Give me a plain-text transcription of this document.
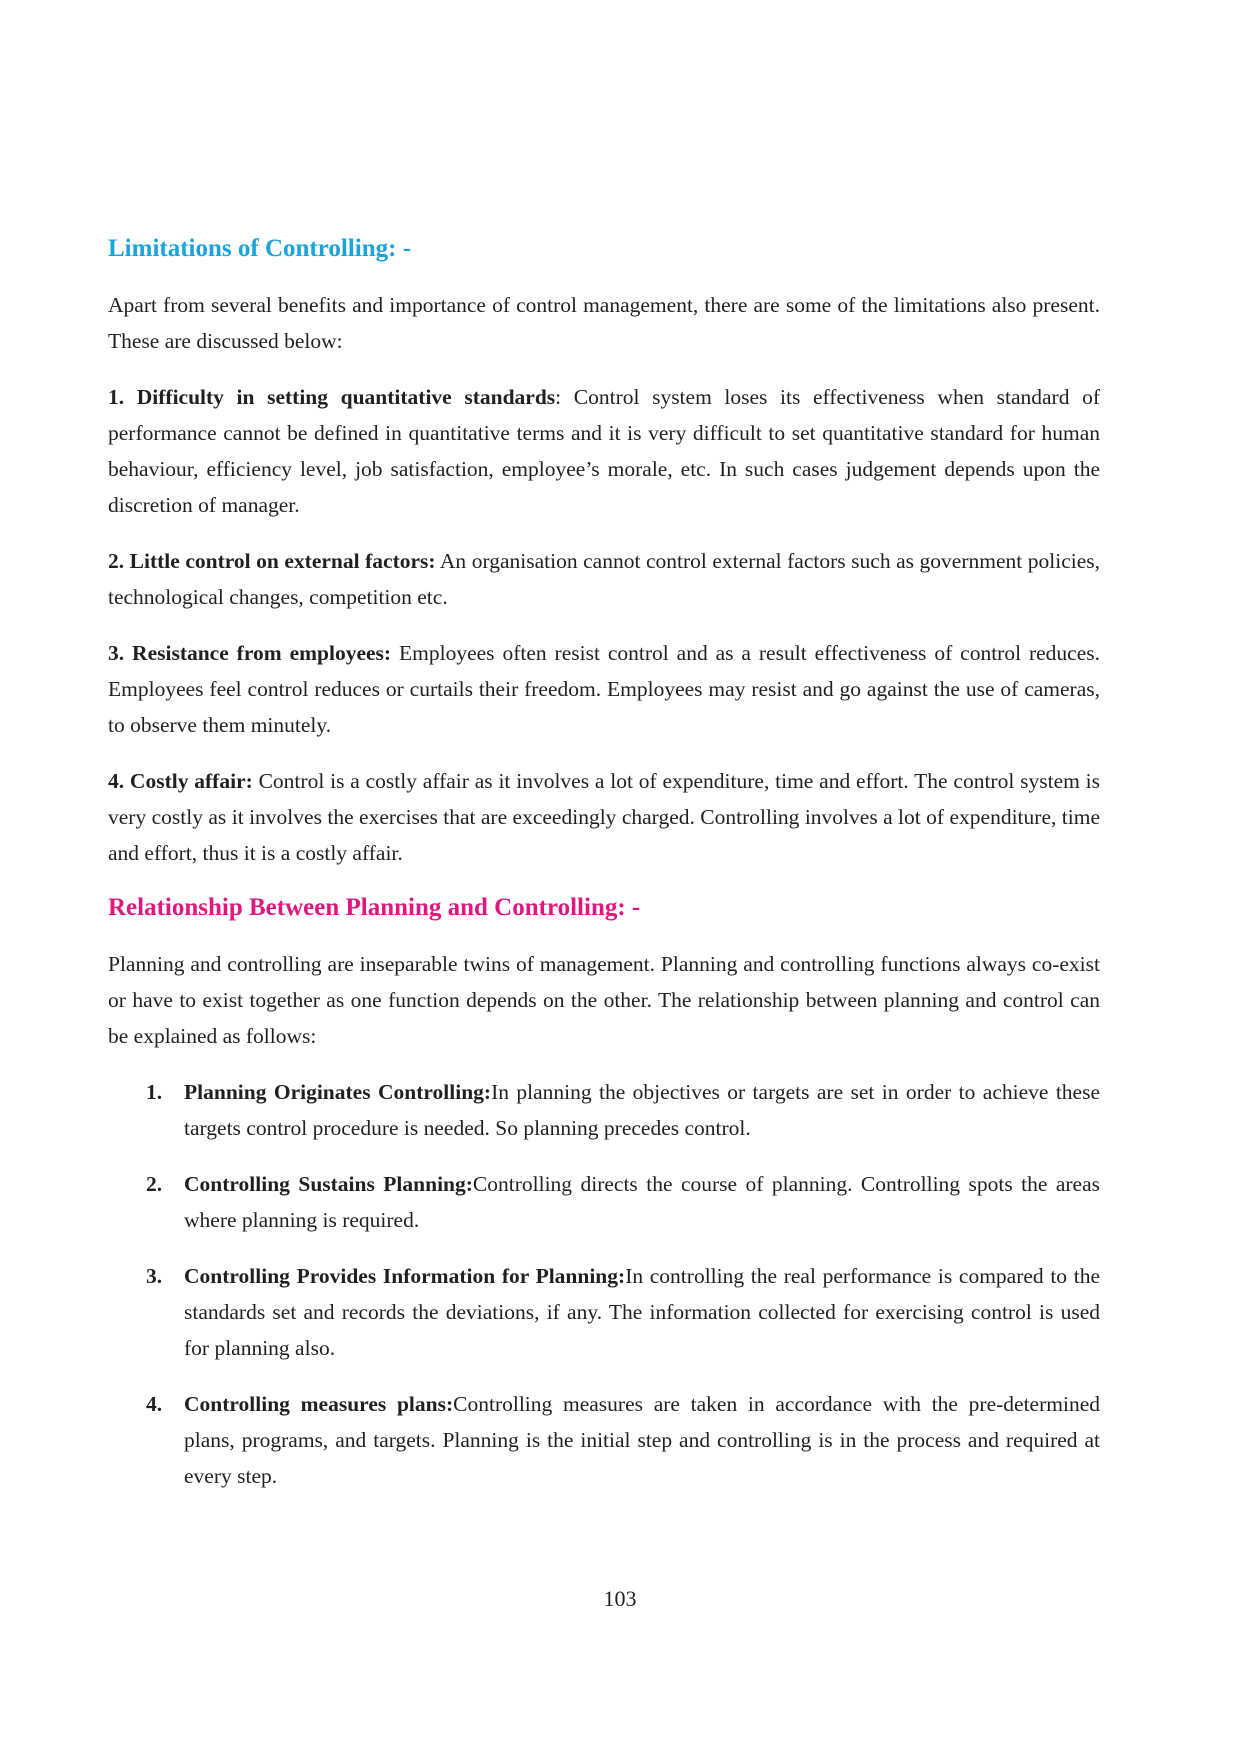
Limitations of Controlling: -

Apart from several benefits and importance of control management, there are some of the limitations also present. These are discussed below:

1. Difficulty in setting quantitative standards: Control system loses its effectiveness when standard of performance cannot be defined in quantitative terms and it is very difficult to set quantitative standard for human behaviour, efficiency level, job satisfaction, employee’s morale, etc. In such cases judgement depends upon the discretion of manager.

2. Little control on external factors: An organisation cannot control external factors such as government policies, technological changes, competition etc.

3. Resistance from employees: Employees often resist control and as a result effectiveness of control reduces. Employees feel control reduces or curtails their freedom. Employees may resist and go against the use of cameras, to observe them minutely.

4. Costly affair: Control is a costly affair as it involves a lot of expenditure, time and effort. The control system is very costly as it involves the exercises that are exceedingly charged. Controlling involves a lot of expenditure, time and effort, thus it is a costly affair.

Relationship Between Planning and Controlling: -

Planning and controlling are inseparable twins of management. Planning and controlling functions always co-exist or have to exist together as one function depends on the other. The relationship between planning and control can be explained as follows:

1.	Planning Originates Controlling:In planning the objectives or targets are set in order to achieve these targets control procedure is needed. So planning precedes control.

2.	Controlling Sustains Planning:Controlling directs the course of planning. Controlling spots the areas where planning is required.

3.	Controlling Provides Information for Planning:In controlling the real performance is compared to the standards set and records the deviations, if any. The information collected for exercising control is used for planning also.

4.	Controlling measures plans:Controlling measures are taken in accordance with the pre-determined plans, programs, and targets. Planning is the initial step and controlling is in the process and required at every step.

103
